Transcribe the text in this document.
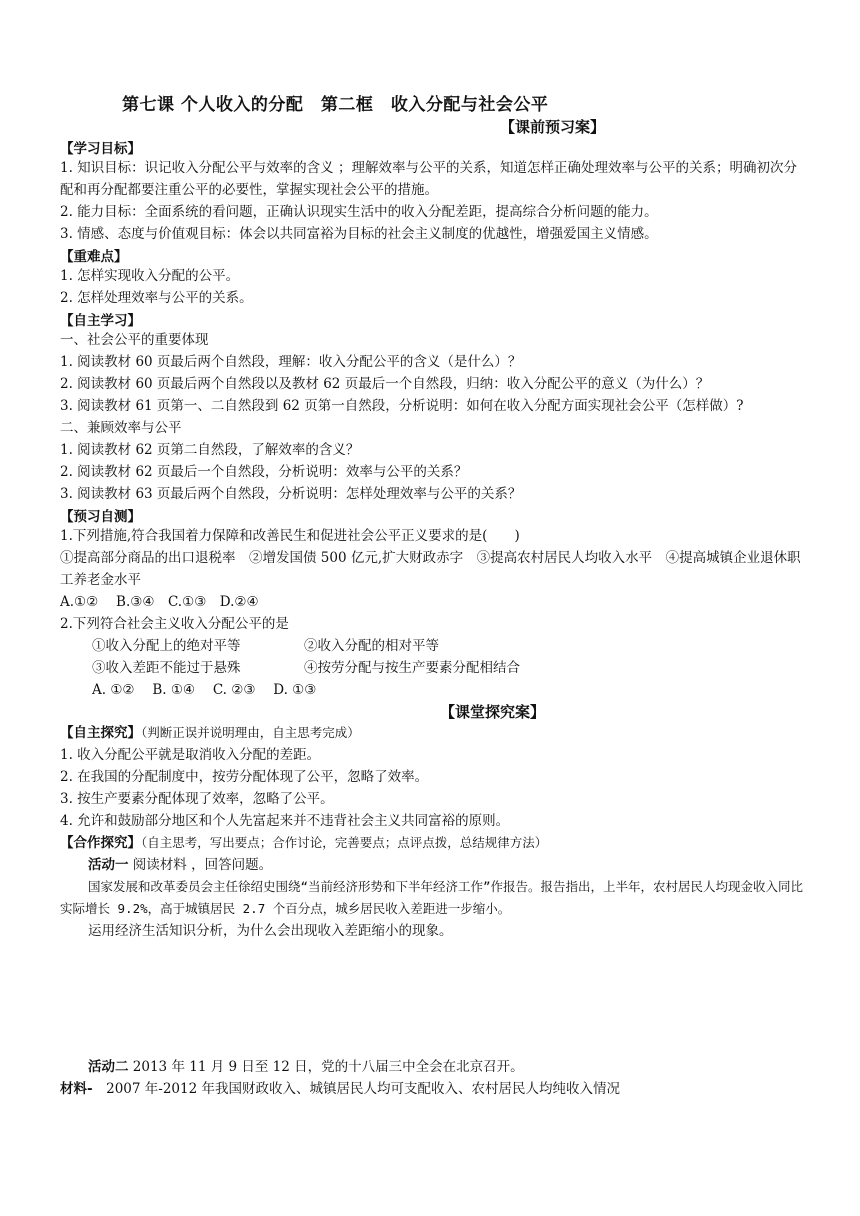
第七课 个人收入的分配　第二框　收入分配与社会公平
【课前预习案】
【学习目标】
1. 知识目标：识记收入分配公平与效率的含义 ；理解效率与公平的关系，知道怎样正确处理效率与公平的关系；明确初次分配和再分配都要注重公平的必要性，掌握实现社会公平的措施。
2. 能力目标：全面系统的看问题，正确认识现实生活中的收入分配差距，提高综合分析问题的能力。
3. 情感、态度与价值观目标：体会以共同富裕为目标的社会主义制度的优越性，增强爱国主义情感。
【重难点】
1. 怎样实现收入分配的公平。
2. 怎样处理效率与公平的关系。
【自主学习】
一、社会公平的重要体现
1. 阅读教材 60 页最后两个自然段，理解：收入分配公平的含义（是什么）？
2. 阅读教材 60 页最后两个自然段以及教材 62 页最后一个自然段，归纳：收入分配公平的意义（为什么）？
3. 阅读教材 61 页第一、二自然段到 62 页第一自然段，分析说明：如何在收入分配方面实现社会公平（怎样做）?
二、兼顾效率与公平
1. 阅读教材 62 页第二自然段，了解效率的含义？
2. 阅读教材 62 页最后一个自然段，分析说明：效率与公平的关系？
3. 阅读教材 63 页最后两个自然段，分析说明：怎样处理效率与公平的关系？
【预习自测】
1.下列措施,符合我国着力保障和改善民生和促进社会公平正义要求的是(　　)
①提高部分商品的出口退税率　②增发国债 500 亿元,扩大财政赤字　③提高农村居民人均收入水平　④提高城镇企业退休职工养老金水平
A.①②　 B.③④　C.①③　D.②④
2.下列符合社会主义收入分配公平的是
①收入分配上的绝对平等	②收入分配的相对平等
③收入差距不能过于悬殊	④按劳分配与按生产要素分配相结合
A. ①②　 B. ①④　 C. ②③　 D. ①③
【课堂探究案】
【自主探究】（判断正误并说明理由，自主思考完成）
1. 收入分配公平就是取消收入分配的差距。
2. 在我国的分配制度中，按劳分配体现了公平，忽略了效率。
3. 按生产要素分配体现了效率，忽略了公平。
4. 允许和鼓励部分地区和个人先富起来并不违背社会主义共同富裕的原则。
【合作探究】（自主思考，写出要点；合作讨论，完善要点；点评点拨，总结规律方法）
活动一 阅读材料 ，回答问题。
国家发展和改革委员会主任徐绍史围绕“当前经济形势和下半年经济工作”作报告。报告指出，上半年，农村居民人均现金收入同比实际增长 9.2%，高于城镇居民 2.7 个百分点，城乡居民收入差距进一步缩小。
运用经济生活知识分析，为什么会出现收入差距缩小的现象。
活动二 2013 年 11 月 9 日至 12 日，党的十八届三中全会在北京召开。
材料-　2007 年-2012 年我国财政收入、城镇居民人均可支配收入、农村居民人均纯收入情况
